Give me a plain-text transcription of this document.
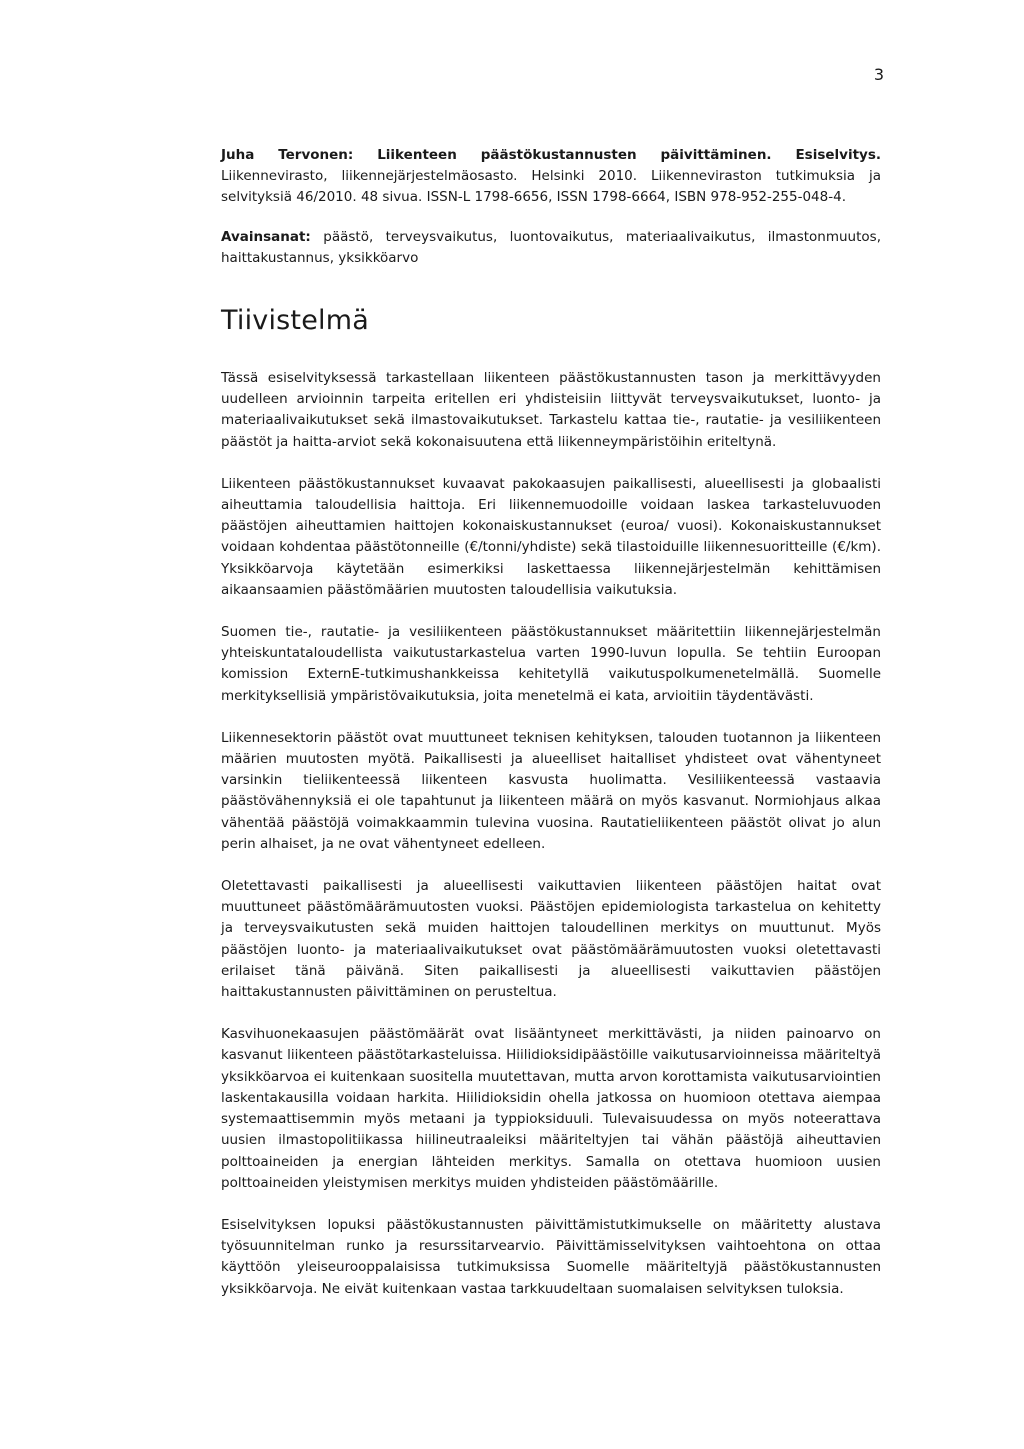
3

Juha Tervonen: Liikenteen päästökustannusten päivittäminen. Esiselvitys. Liikennevirasto, liikennejärjestelmäosasto. Helsinki 2010. Liikenneviraston tutkimuksia ja selvityksiä 46/2010. 48 sivua. ISSN-L 1798-6656, ISSN 1798-6664, ISBN 978-952-255-048-4.

Avainsanat: päästö, terveysvaikutus, luontovaikutus, materiaalivaikutus, ilmastonmuutos, haittakustannus, yksikköarvo

Tiivistelmä

Tässä esiselvityksessä tarkastellaan liikenteen päästökustannusten tason ja merkittävyyden uudelleen arvioinnin tarpeita eritellen eri yhdisteisiin liittyvät terveysvaikutukset, luonto- ja materiaalivaikutukset sekä ilmastovaikutukset. Tarkastelu kattaa tie-, rautatie- ja vesiliikenteen päästöt ja haitta-arviot sekä kokonaisuutena että liikenneympäristöihin eriteltynä.

Liikenteen päästökustannukset kuvaavat pakokaasujen paikallisesti, alueellisesti ja globaalisti aiheuttamia taloudellisia haittoja. Eri liikennemuodoille voidaan laskea tarkasteluvuoden päästöjen aiheuttamien haittojen kokonaiskustannukset (euroa/ vuosi). Kokonaiskustannukset voidaan kohdentaa päästötonneille (€/tonni/yhdiste) sekä tilastoiduille liikennesuoritteille (€/km). Yksikköarvoja käytetään esimerkiksi laskettaessa liikennejärjestelmän kehittämisen aikaansaamien päästömäärien muutosten taloudellisia vaikutuksia.

Suomen tie-, rautatie- ja vesiliikenteen päästökustannukset määritettiin liikennejärjestelmän yhteiskuntataloudellista vaikutustarkastelua varten 1990-luvun lopulla. Se tehtiin Euroopan komission ExternE-tutkimushankkeissa kehitetyllä vaikutuspolkumenetelmällä. Suomelle merkityksellisiä ympäristövaikutuksia, joita menetelmä ei kata, arvioitiin täydentävästi.

Liikennesektorin päästöt ovat muuttuneet teknisen kehityksen, talouden tuotannon ja liikenteen määrien muutosten myötä. Paikallisesti ja alueelliset haitalliset yhdisteet ovat vähentyneet varsinkin tieliikenteessä liikenteen kasvusta huolimatta. Vesiliikenteessä vastaavia päästövähennyksiä ei ole tapahtunut ja liikenteen määrä on myös kasvanut. Normiohjaus alkaa vähentää päästöjä voimakkaammin tulevina vuosina. Rautatieliikenteen päästöt olivat jo alun perin alhaiset, ja ne ovat vähentyneet edelleen.

Oletettavasti paikallisesti ja alueellisesti vaikuttavien liikenteen päästöjen haitat ovat muuttuneet päästömäärämuutosten vuoksi. Päästöjen epidemiologista tarkastelua on kehitetty ja terveysvaikutusten sekä muiden haittojen taloudellinen merkitys on muuttunut. Myös päästöjen luonto- ja materiaalivaikutukset ovat päästömäärämuutosten vuoksi oletettavasti erilaiset tänä päivänä. Siten paikallisesti ja alueellisesti vaikuttavien päästöjen haittakustannusten päivittäminen on perusteltua.

Kasvihuonekaasujen päästömäärät ovat lisääntyneet merkittävästi, ja niiden painoarvo on kasvanut liikenteen päästötarkasteluissa. Hiilidioksidipäästöille vaikutusarvioinneissa määriteltyä yksikköarvoa ei kuitenkaan suositella muutettavan, mutta arvon korottamista vaikutusarviointien laskentakausilla voidaan harkita. Hiilidioksidin ohella jatkossa on huomioon otettava aiempaa systemaattisemmin myös metaani ja typpioksiduuli. Tulevaisuudessa on myös noteerattava uusien ilmastopolitiikassa hiilineutraaleiksi määriteltyjen tai vähän päästöjä aiheuttavien polttoaineiden ja energian lähteiden merkitys. Samalla on otettava huomioon uusien polttoaineiden yleistymisen merkitys muiden yhdisteiden päästömäärille.

Esiselvityksen lopuksi päästökustannusten päivittämistutkimukselle on määritetty alustava työsuunnitelman runko ja resurssitarvearvio. Päivittämisselvityksen vaihtoehtona on ottaa käyttöön yleiseurooppalaisissa tutkimuksissa Suomelle määriteltyjä päästökustannusten yksikköarvoja. Ne eivät kuitenkaan vastaa tarkkuudeltaan suomalaisen selvityksen tuloksia.
